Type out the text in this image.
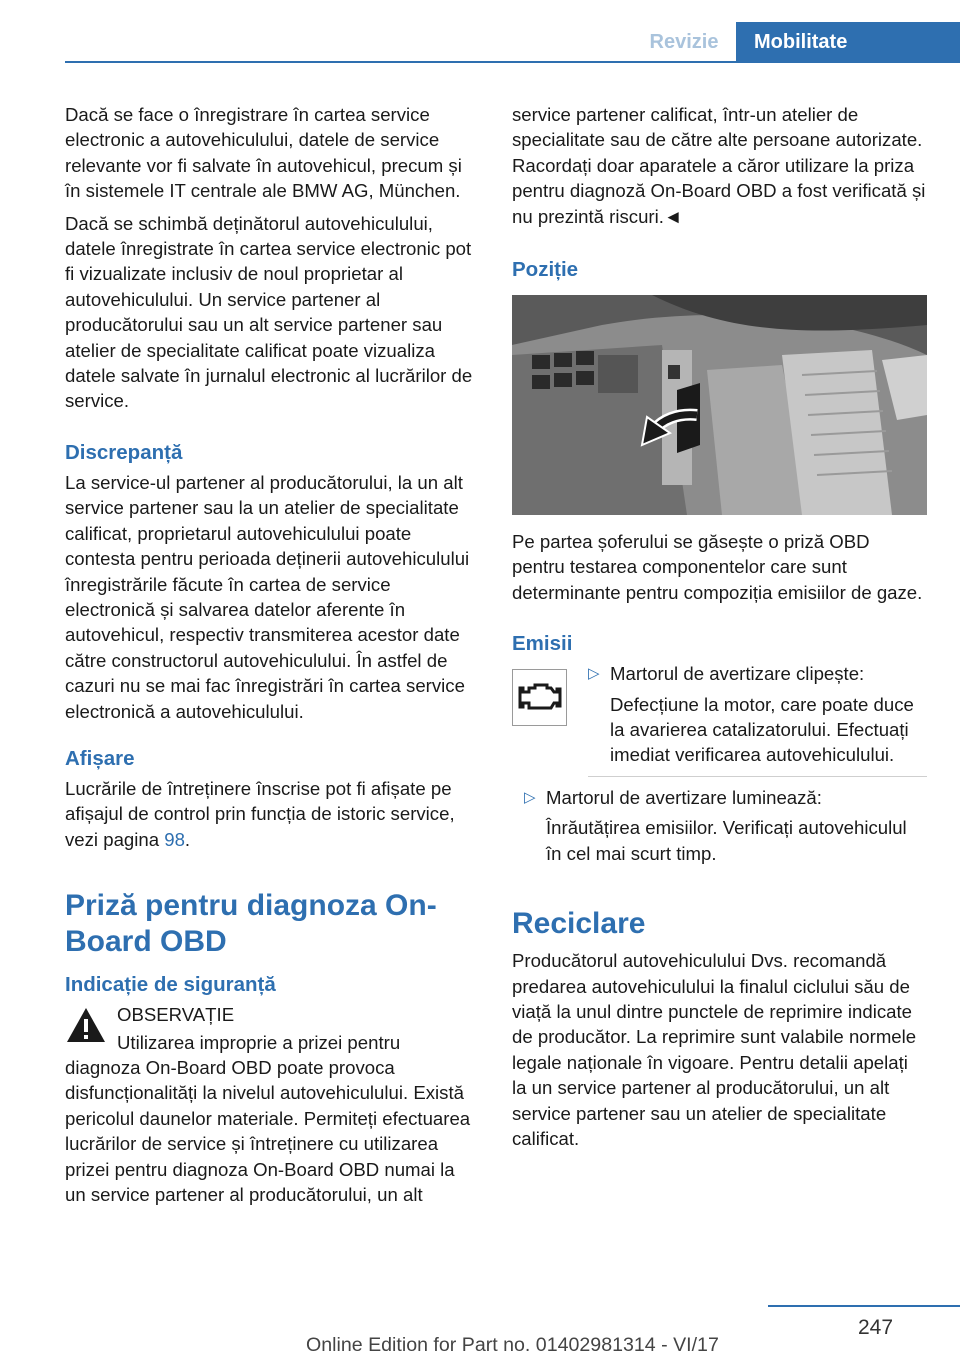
Revizie	Mobilitate

Dacă se face o înregistrare în cartea service electronic a autovehiculului, datele de service relevante vor fi salvate în autovehicul, precum și în sistemele IT centrale ale BMW AG, München.

Dacă se schimbă deținătorul autovehiculului, datele înregistrate în cartea service electronic pot fi vizualizate inclusiv de noul proprietar al autovehiculului. Un service partener al producătorului sau un alt service partener sau atelier de specialitate calificat poate vizualiza datele salvate în jurnalul electronic al lucrărilor de service.

Discrepanță

La service-ul partener al producătorului, la un alt service partener sau la un atelier de specialitate calificat, proprietarul autovehiculului poate contesta pentru perioada deținerii autovehiculului înregistrările făcute în cartea de service electronică și salvarea datelor aferente în autovehicul, respectiv transmiterea acestor date către constructorul autovehiculului. În astfel de cazuri nu se mai fac înregistrări în cartea service electronică a autovehiculului.

Afișare

Lucrările de întreținere înscrise pot fi afișate pe afișajul de control prin funcția de istoric service, vezi pagina 98.

Priză pentru diagnoza On-Board OBD
Indicație de siguranță
OBSERVAȚIE
Utilizarea improprie a prizei pentru diagnoza On-Board OBD poate provoca disfuncționalități la nivelul autovehiculului. Există pericolul daunelor materiale. Permiteți efectuarea lucrărilor de service și întreținere cu utilizarea prizei pentru diagnoza On-Board OBD numai la un service partener al producătorului, un alt

service partener calificat, într-un atelier de specialitate sau de către alte persoane autorizate. Racordați doar aparatele a căror utilizare la priza pentru diagnoză On-Board OBD a fost verificată și nu prezintă riscuri.◄

Poziție

Pe partea șoferului se găsește o priză OBD pentru testarea componentelor care sunt determinante pentru compoziția emisiilor de gaze.

Emisii
▷ Martorul de avertizare clipește:
Defecțiune la motor, care poate duce la avarierea catalizatorului. Efectuați imediat verificarea autovehiculului.
▷ Martorul de avertizare luminează:
Înrăutățirea emisiilor. Verificați autovehiculul în cel mai scurt timp.
Reciclare

Producătorul autovehiculului Dvs. recomandă predarea autovehiculului la finalul ciclului său de viață la unul dintre punctele de reprimire indicate de producător. La reprimire sunt valabile normele legale naționale în vigoare. Pentru detalii apelați la un service partener al producătorului, un alt service partener sau un atelier de specialitate calificat.

247
Online Edition for Part no. 01402981314 - VI/17
